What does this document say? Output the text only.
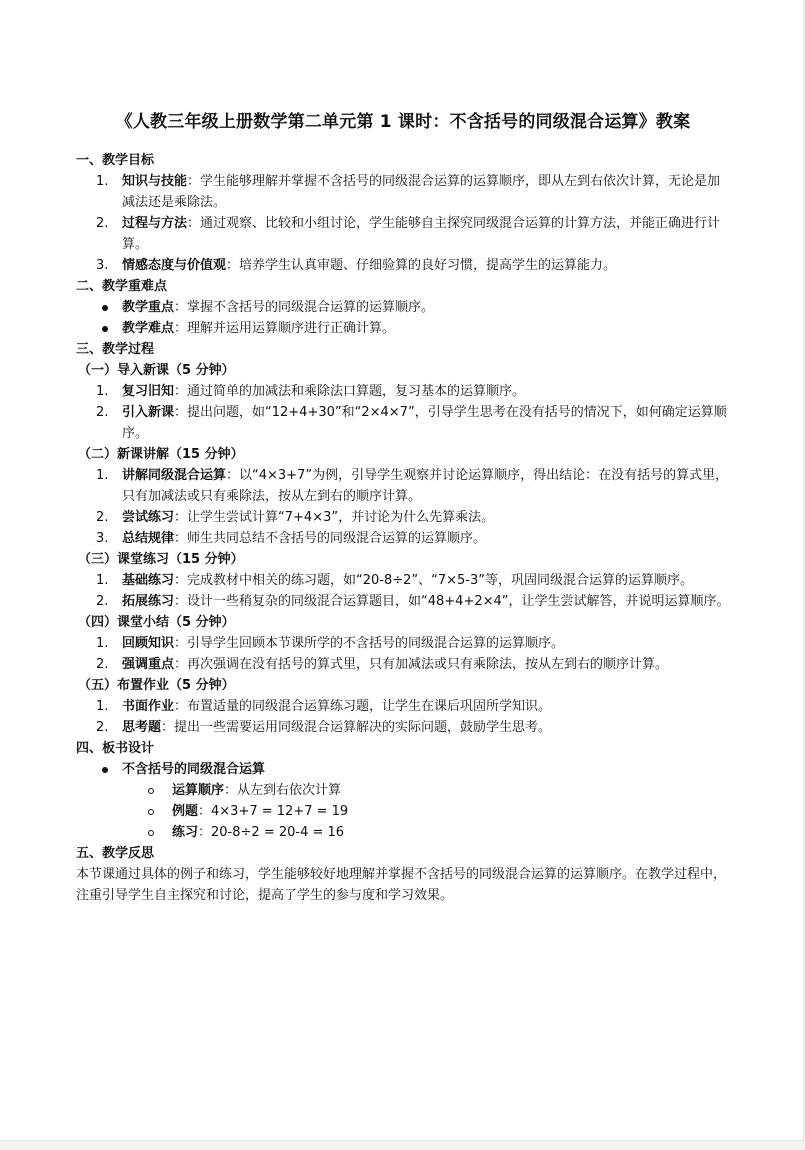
《人教三年级上册数学第二单元第 1 课时：不含括号的同级混合运算》教案
一、教学目标
1. 知识与技能：学生能够理解并掌握不含括号的同级混合运算的运算顺序，即从左到右依次计算，无论是加减法还是乘除法。
2. 过程与方法：通过观察、比较和小组讨论，学生能够自主探究同级混合运算的计算方法，并能正确进行计算。
3. 情感态度与价值观：培养学生认真审题、仔细验算的良好习惯，提高学生的运算能力。
二、教学重难点
教学重点：掌握不含括号的同级混合运算的运算顺序。
教学难点：理解并运用运算顺序进行正确计算。
三、教学过程
（一）导入新课（5 分钟）
1. 复习旧知：通过简单的加减法和乘除法口算题，复习基本的运算顺序。
2. 引入新课：提出问题，如“12+4+30”和“2×4×7”，引导学生思考在没有括号的情况下，如何确定运算顺序。
（二）新课讲解（15 分钟）
1. 讲解同级混合运算：以“4×3+7”为例，引导学生观察并讨论运算顺序，得出结论：在没有括号的算式里，只有加减法或只有乘除法，按从左到右的顺序计算。
2. 尝试练习：让学生尝试计算“7+4×3”，并讨论为什么先算乘法。
3. 总结规律：师生共同总结不含括号的同级混合运算的运算顺序。
（三）课堂练习（15 分钟）
1. 基础练习：完成教材中相关的练习题，如“20-8÷2”、“7×5-3”等，巩固同级混合运算的运算顺序。
2. 拓展练习：设计一些稍复杂的同级混合运算题目，如“48+4+2×4”，让学生尝试解答，并说明运算顺序。
（四）课堂小结（5 分钟）
1. 回顾知识：引导学生回顾本节课所学的不含括号的同级混合运算的运算顺序。
2. 强调重点：再次强调在没有括号的算式里，只有加减法或只有乘除法，按从左到右的顺序计算。
（五）布置作业（5 分钟）
1. 书面作业：布置适量的同级混合运算练习题，让学生在课后巩固所学知识。
2. 思考题：提出一些需要运用同级混合运算解决的实际问题，鼓励学生思考。
四、板书设计
不含括号的同级混合运算
运算顺序：从左到右依次计算
例题：4×3+7 = 12+7 = 19
练习：20-8÷2 = 20-4 = 16
五、教学反思
本节课通过具体的例子和练习，学生能够较好地理解并掌握不含括号的同级混合运算的运算顺序。在教学过程中，注重引导学生自主探究和讨论，提高了学生的参与度和学习效果。
